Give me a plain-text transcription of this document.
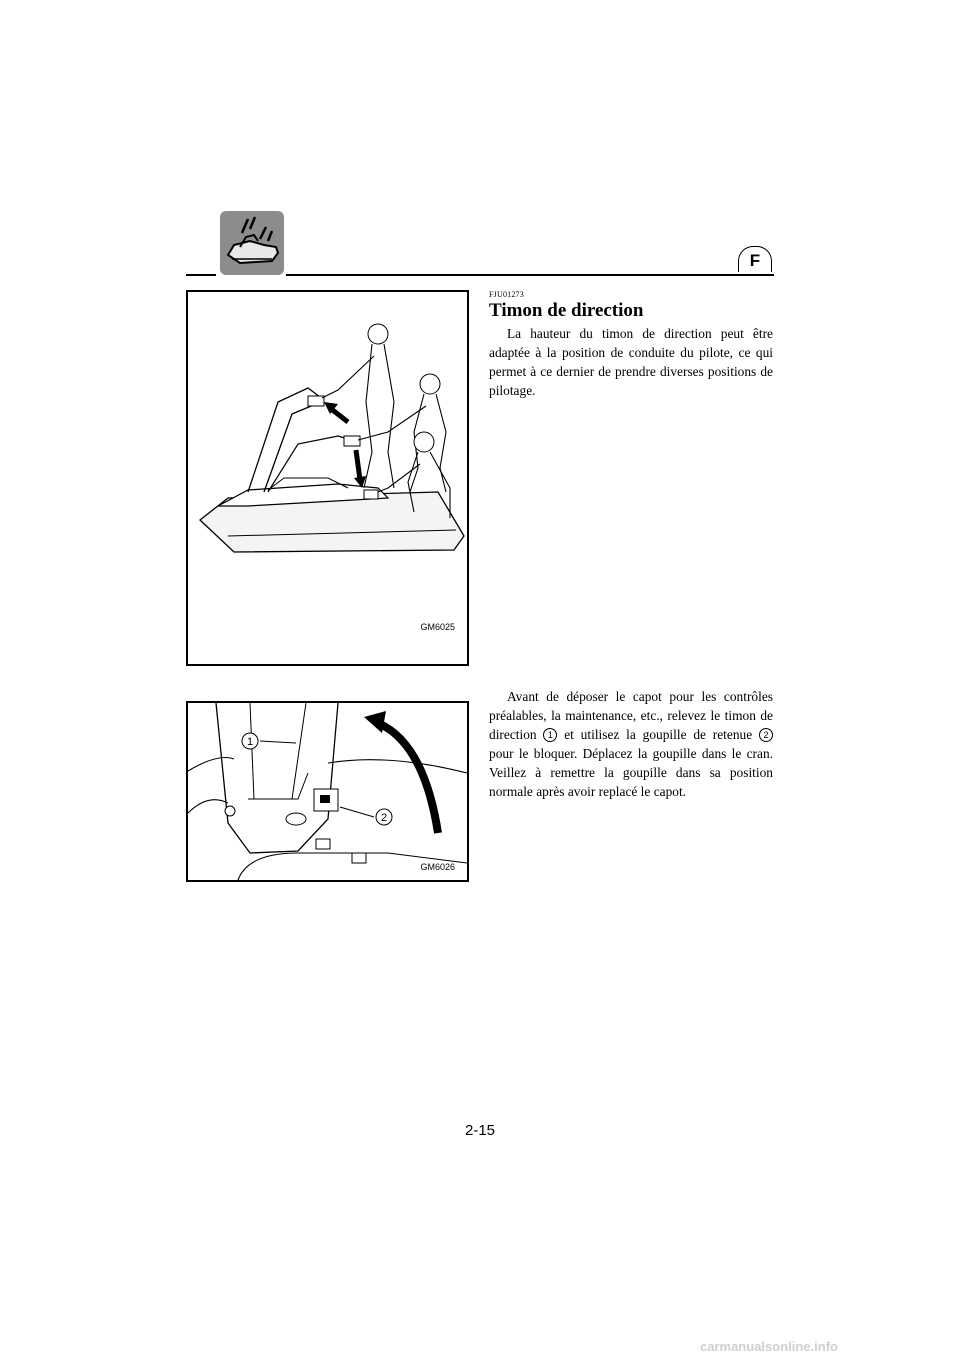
F
GM6025
1
2
GM6026
FJU01273
Timon de direction

La hauteur du timon de direction peut être adaptée à la position de conduite du pilote, ce qui permet à ce dernier de prendre diverses positions de pilotage.

Avant de déposer le capot pour les contrôles préalables, la maintenance, etc., relevez le timon de direction 1 et utilisez la goupille de retenue 2 pour le bloquer. Déplacez la goupille dans le cran. Veillez à remettre la goupille dans sa position normale après avoir replacé le capot.

2-15
carmanualsonline.info
